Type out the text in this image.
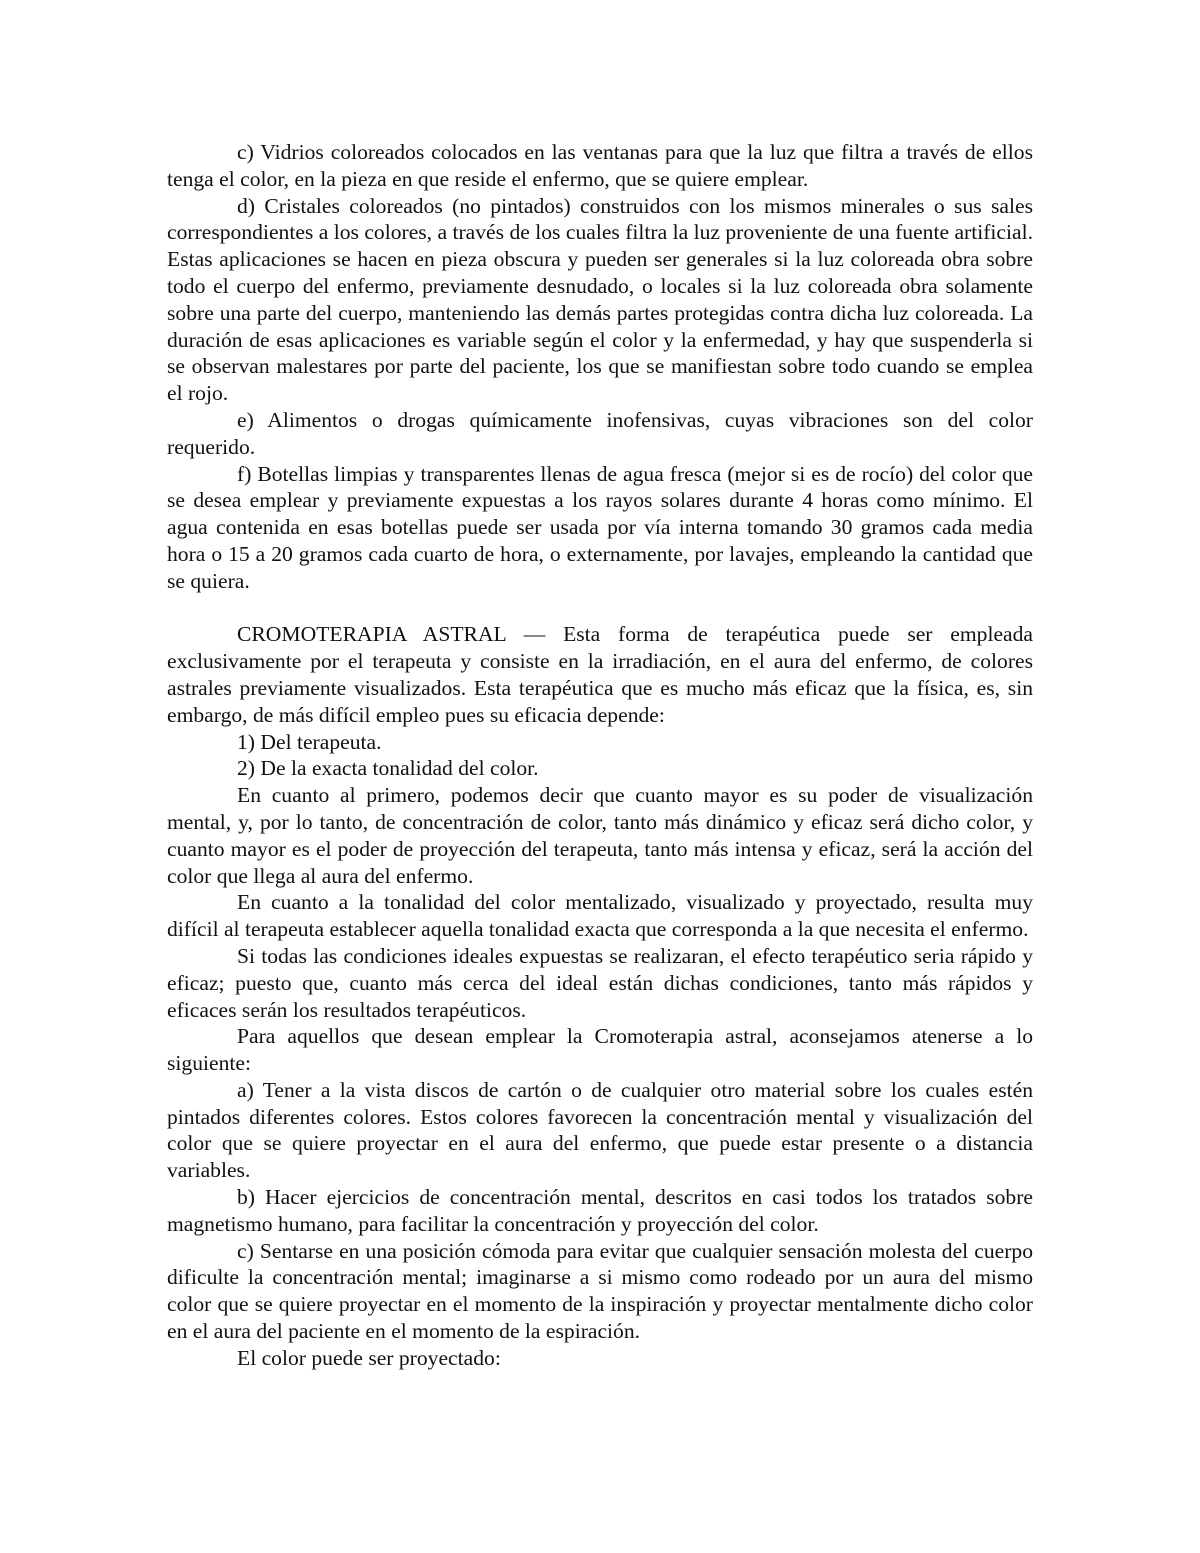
c) Vidrios coloreados colocados en las ventanas para que la luz que filtra a través de ellos tenga el color, en la pieza en que reside el enfermo, que se quiere emplear.

d) Cristales coloreados (no pintados) construidos con los mismos minerales o sus sales correspondientes a los colores, a través de los cuales filtra la luz proveniente de una fuente artificial. Estas aplicaciones se hacen en pieza obscura y pueden ser generales si la luz coloreada obra sobre todo el cuerpo del enfermo, previamente desnudado, o locales si la luz coloreada obra solamente sobre una parte del cuerpo, manteniendo las demás partes protegidas contra dicha luz coloreada. La duración de esas aplicaciones es variable según el color y la enfermedad, y hay que suspenderla si se observan malestares por parte del paciente, los que se manifiestan sobre todo cuando se emplea el rojo.

e) Alimentos o drogas químicamente inofensivas, cuyas vibraciones son del color requerido.

f) Botellas limpias y transparentes llenas de agua fresca (mejor si es de rocío) del color que se desea emplear y previamente expuestas a los rayos solares durante 4 horas como mínimo. El agua contenida en esas botellas puede ser usada por vía interna tomando 30 gramos cada media hora o 15 a 20 gramos cada cuarto de hora, o externamente, por lavajes, empleando la cantidad que se quiera.

CROMOTERAPIA ASTRAL — Esta forma de terapéutica puede ser empleada exclusivamente por el terapeuta y consiste en la irradiación, en el aura del enfermo, de colores astrales previamente visualizados. Esta terapéutica que es mucho más eficaz que la física, es, sin embargo, de más difícil empleo pues su eficacia depende:

1) Del terapeuta.

2) De la exacta tonalidad del color.

En cuanto al primero, podemos decir que cuanto mayor es su poder de visualización mental, y, por lo tanto, de concentración de color, tanto más dinámico y eficaz será dicho color, y cuanto mayor es el poder de proyección del terapeuta, tanto más intensa y eficaz, será la acción del color que llega al aura del enfermo.

En cuanto a la tonalidad del color mentalizado, visualizado y proyectado, resulta muy difícil al terapeuta establecer aquella tonalidad exacta que corresponda a la que necesita el enfermo.

Si todas las condiciones ideales expuestas se realizaran, el efecto terapéutico seria rápido y eficaz; puesto que, cuanto más cerca del ideal están dichas condiciones, tanto más rápidos y eficaces serán los resultados terapéuticos.

Para aquellos que desean emplear la Cromoterapia astral, aconsejamos atenerse a lo siguiente:

a) Tener a la vista discos de cartón o de cualquier otro material sobre los cuales estén pintados diferentes colores. Estos colores favorecen la concentración mental y visualización del color que se quiere proyectar en el aura del enfermo, que puede estar presente o a distancia variables.

b) Hacer ejercicios de concentración mental, descritos en casi todos los tratados sobre magnetismo humano, para facilitar la concentración y proyección del color.

c) Sentarse en una posición cómoda para evitar que cualquier sensación molesta del cuerpo dificulte la concentración mental; imaginarse a si mismo como rodeado por un aura del mismo color que se quiere proyectar en el momento de la inspiración y proyectar mentalmente dicho color en el aura del paciente en el momento de la espiración.

El color puede ser proyectado:
